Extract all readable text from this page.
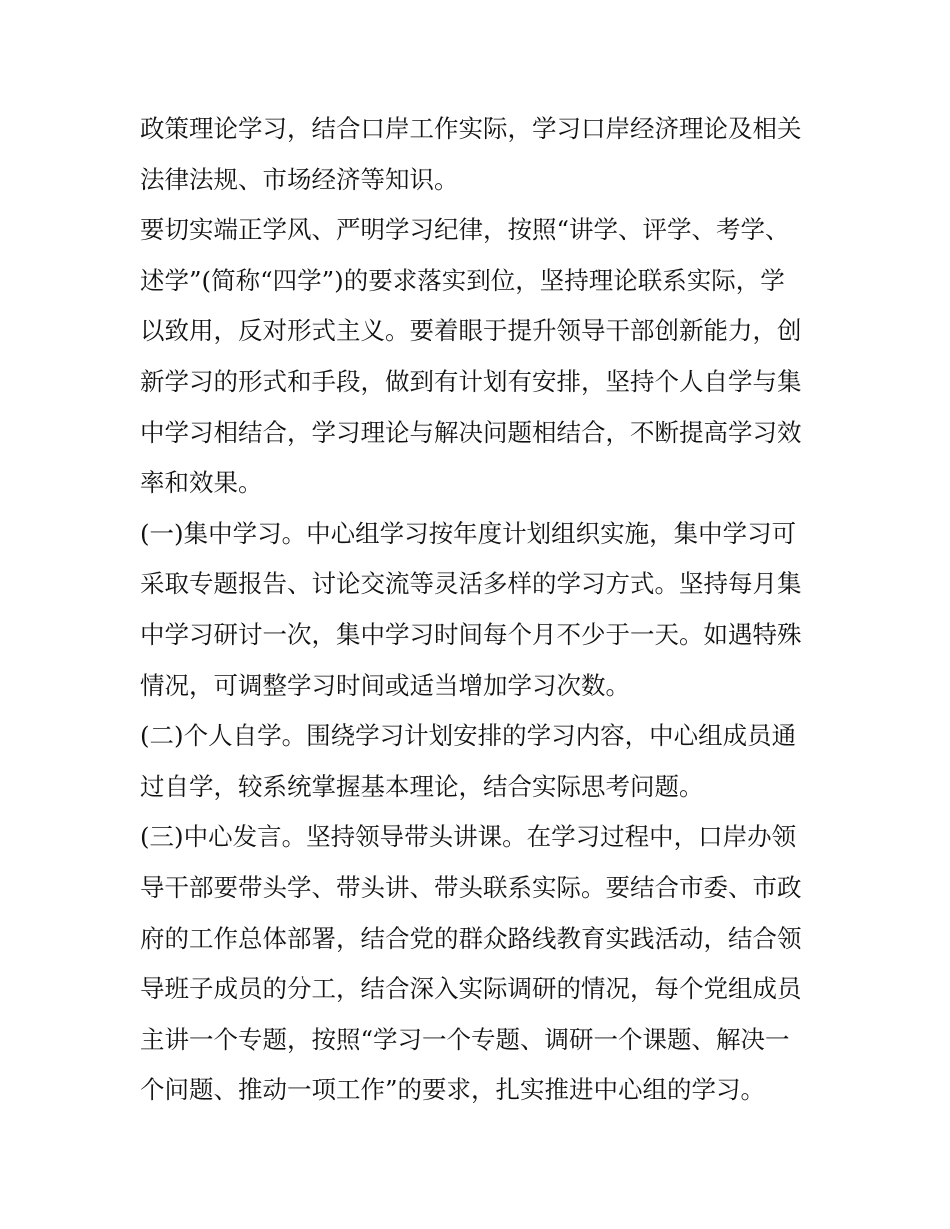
政策理论学习，结合口岸工作实际，学习口岸经济理论及相关
法律法规、市场经济等知识。
要切实端正学风、严明学习纪律，按照“讲学、评学、考学、
述学”(简称“四学”)的要求落实到位，坚持理论联系实际，学
以致用，反对形式主义。要着眼于提升领导干部创新能力，创
新学习的形式和手段，做到有计划有安排，坚持个人自学与集
中学习相结合，学习理论与解决问题相结合，不断提高学习效
率和效果。
(一)集中学习。中心组学习按年度计划组织实施，集中学习可
采取专题报告、讨论交流等灵活多样的学习方式。坚持每月集
中学习研讨一次，集中学习时间每个月不少于一天。如遇特殊
情况，可调整学习时间或适当增加学习次数。
(二)个人自学。围绕学习计划安排的学习内容，中心组成员通
过自学，较系统掌握基本理论，结合实际思考问题。
(三)中心发言。坚持领导带头讲课。在学习过程中，口岸办领
导干部要带头学、带头讲、带头联系实际。要结合市委、市政
府的工作总体部署，结合党的群众路线教育实践活动，结合领
导班子成员的分工，结合深入实际调研的情况，每个党组成员
主讲一个专题，按照“学习一个专题、调研一个课题、解决一
个问题、推动一项工作”的要求，扎实推进中心组的学习。
